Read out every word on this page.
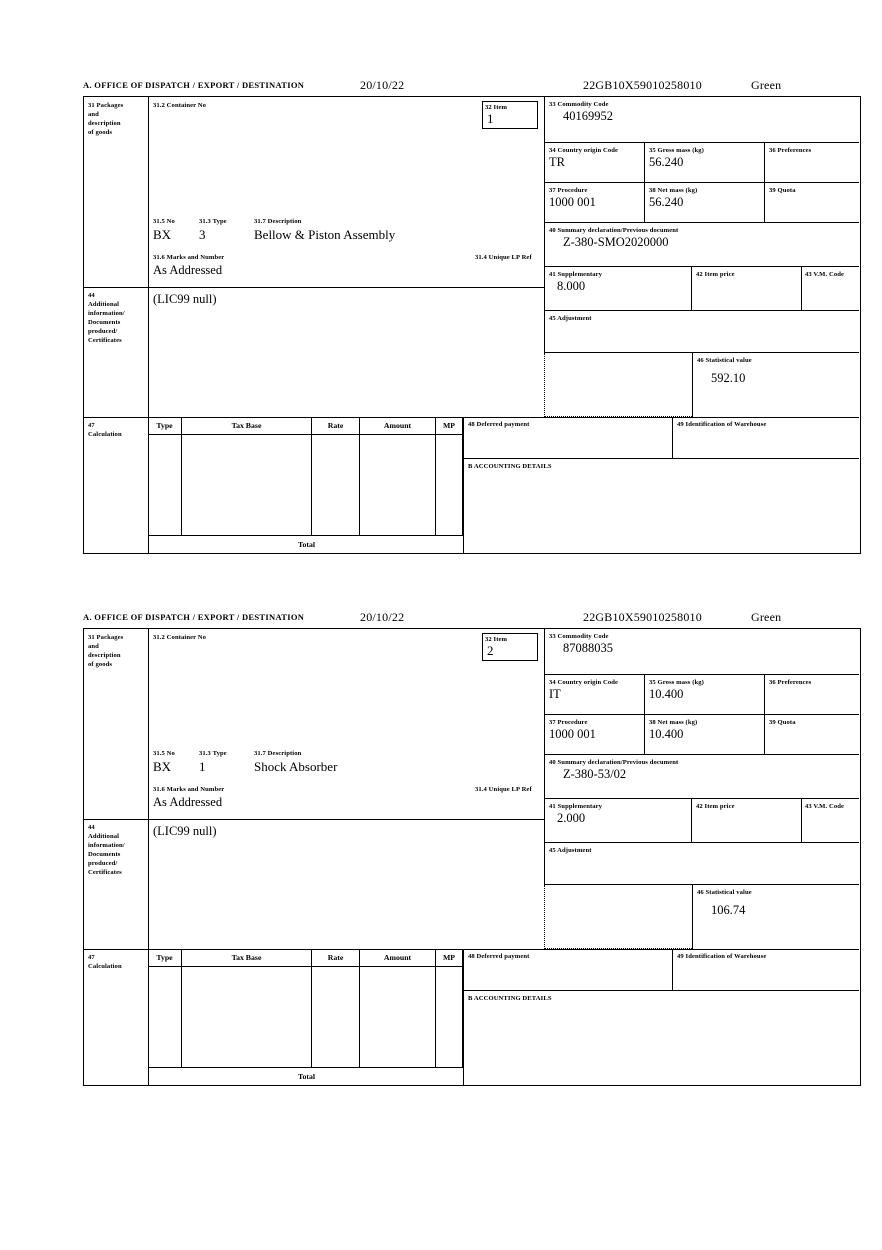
A. OFFICE OF DISPATCH / EXPORT / DESTINATION	20/10/22	22GB10X59010258010	Green
31 Packages
and
description
of goods
44
Additional
information/
Documents
produced/
Certificates
47
Calculation
31.2 Container No	32 Item
1
31.5 No	31.3 Type	31.7 Description
BX 3	Bellow & Piston Assembly
31.6 Marks and Number	31.4 Unique LP Ref
As Addressed
(LIC99 null)
33 Commodity Code
40169952
34 Country origin Code
TR
35 Gross mass (kg)
56.240
36 Preferences
37 Procedure
1000 001
38 Net mass (kg)
56.240
39 Quota
40 Summary declaration/Previous document
Z-380-SMO2020000
41 Supplementary
8.000
42 Item price	43 V.M. Code
45 Adjustment
46 Statistical value
592.10
Type	Tax Base	Rate	Amount	MP
Total
48 Deferred payment	49 Identification of Warehouse
B ACCOUNTING DETAILS
A. OFFICE OF DISPATCH / EXPORT / DESTINATION	20/10/22	22GB10X59010258010	Green
31 Packages
and
description
of goods
44
Additional
information/
Documents
produced/
Certificates
47
Calculation
31.2 Container No	32 Item
2
31.5 No	31.3 Type	31.7 Description
BX 1	Shock Absorber
31.6 Marks and Number	31.4 Unique LP Ref
As Addressed
(LIC99 null)
33 Commodity Code
87088035
34 Country origin Code
IT
35 Gross mass (kg)
10.400
36 Preferences
37 Procedure
1000 001
38 Net mass (kg)
10.400
39 Quota
40 Summary declaration/Previous document
Z-380-53/02
41 Supplementary
2.000
42 Item price	43 V.M. Code
45 Adjustment
46 Statistical value
106.74
Type	Tax Base	Rate	Amount	MP
Total
48 Deferred payment	49 Identification of Warehouse
B ACCOUNTING DETAILS
